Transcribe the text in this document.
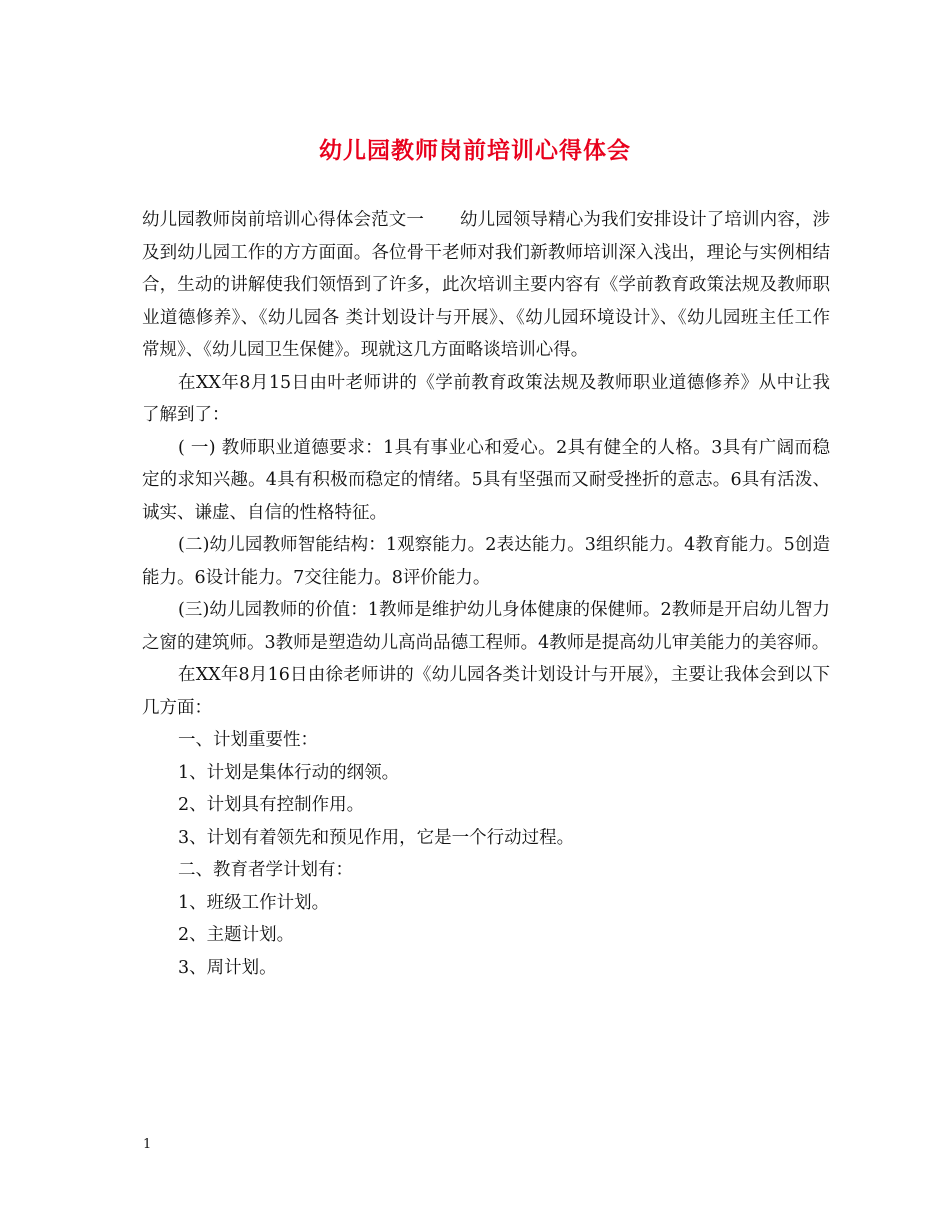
幼儿园教师岗前培训心得体会

幼儿园教师岗前培训心得体会范文一 幼儿园领导精心为我们安排设计了培训内容，涉及到幼儿园工作的方方面面。各位骨干老师对我们新教师培训深入浅出，理论与实例相结合，生动的讲解使我们领悟到了许多，此次培训主要内容有《学前教育政策法规及教师职业道德修养》、《幼儿园各 类计划设计与开展》、《幼儿园环境设计》、《幼儿园班主任工作常规》、《幼儿园卫生保健》。现就这几方面略谈培训心得。

在XX年8月15日由叶老师讲的《学前教育政策法规及教师职业道德修养》从中让我了解到了：

( 一) 教师职业道德要求：1具有事业心和爱心。2具有健全的人格。3具有广阔而稳定的求知兴趣。4具有积极而稳定的情绪。5具有坚强而又耐受挫折的意志。6具有活泼、诚实、谦虚、自信的性格特征。

(二)幼儿园教师智能结构：1观察能力。2表达能力。3组织能力。4教育能力。5创造能力。6设计能力。7交往能力。8评价能力。

(三)幼儿园教师的价值：1教师是维护幼儿身体健康的保健师。2教师是开启幼儿智力之窗的建筑师。3教师是塑造幼儿高尚品德工程师。4教师是提高幼儿审美能力的美容师。

在XX年8月16日由徐老师讲的《幼儿园各类计划设计与开展》，主要让我体会到以下几方面：

一、计划重要性：

1、计划是集体行动的纲领。

2、计划具有控制作用。

3、计划有着领先和预见作用，它是一个行动过程。

二、教育者学计划有：

1、班级工作计划。

2、主题计划。

3、周计划。

1
